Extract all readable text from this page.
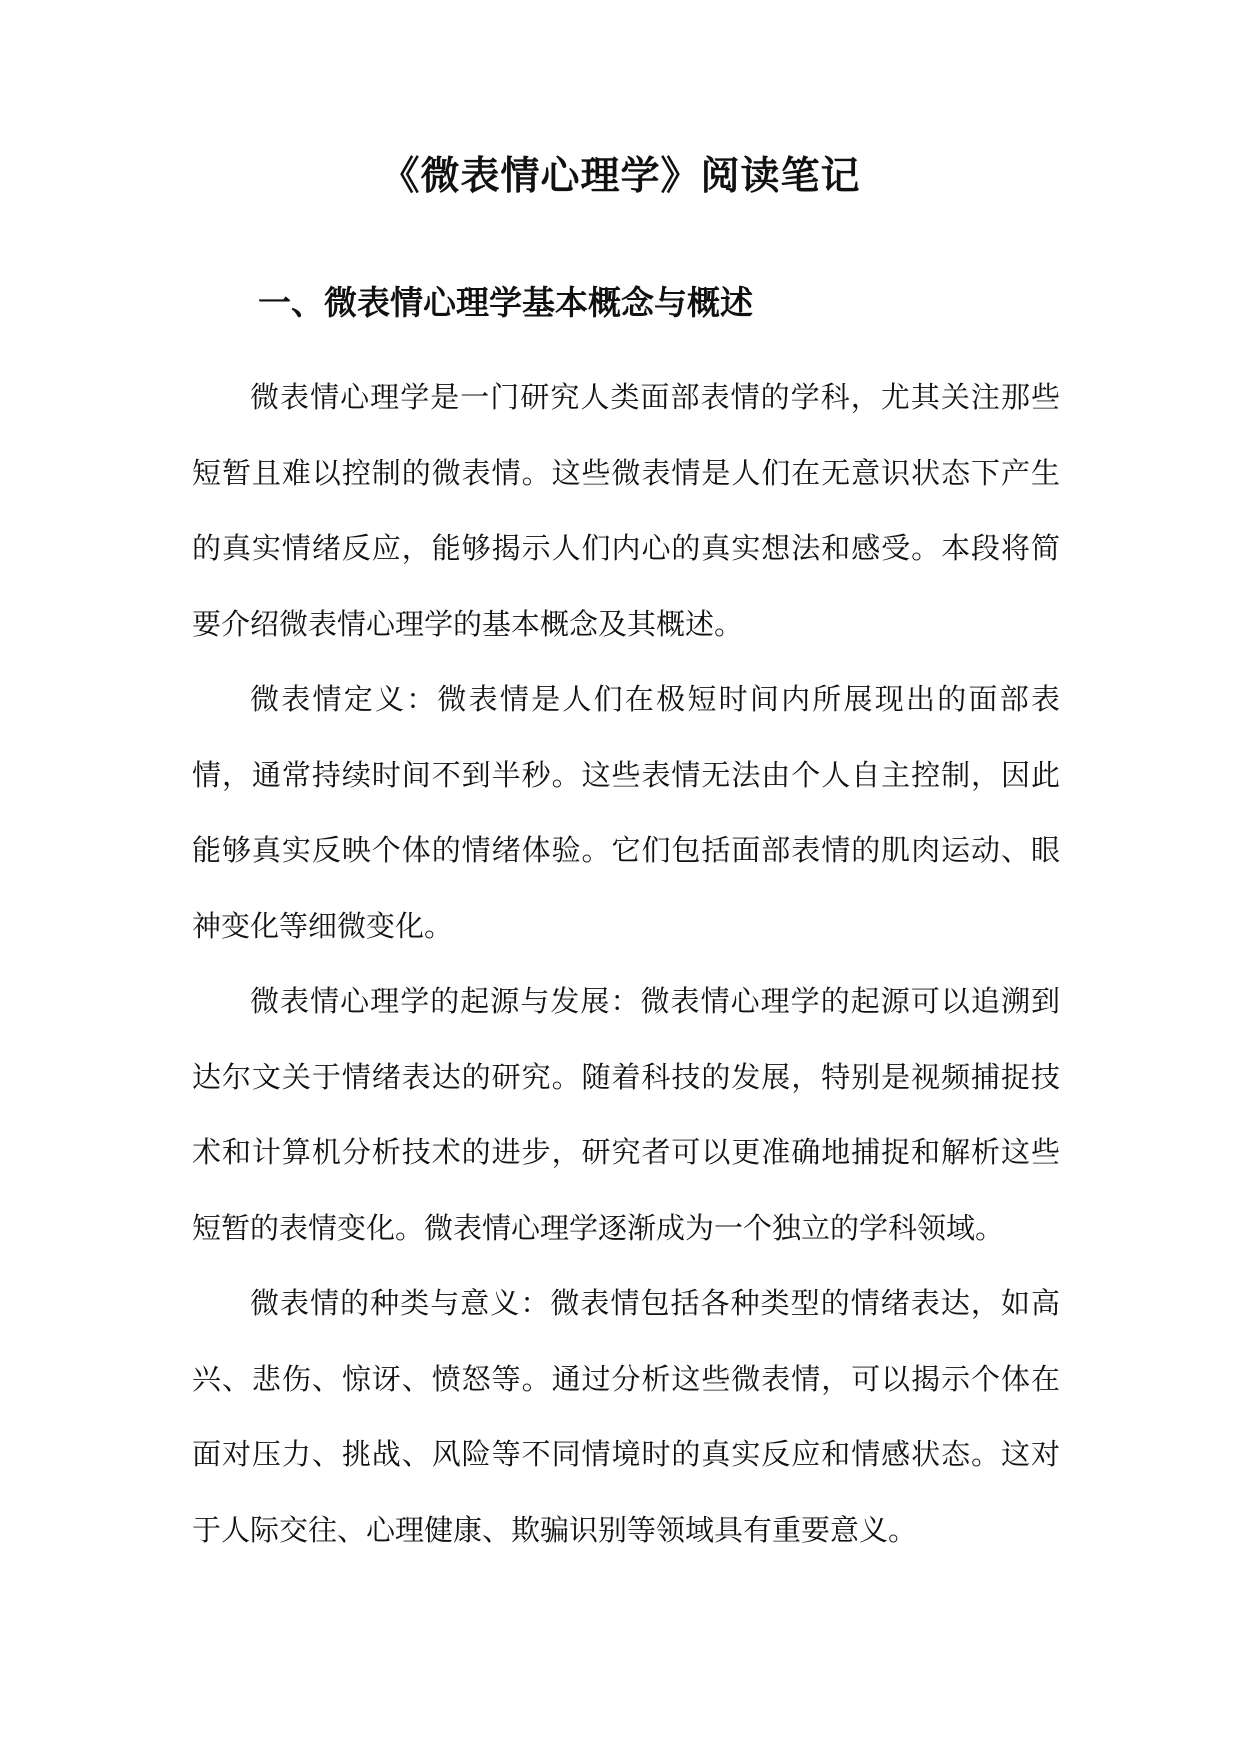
《微表情心理学》阅读笔记
一、微表情心理学基本概念与概述

微表情心理学是一门研究人类面部表情的学科，尤其关注那些短暂且难以控制的微表情。这些微表情是人们在无意识状态下产生的真实情绪反应，能够揭示人们内心的真实想法和感受。本段将简要介绍微表情心理学的基本概念及其概述。

微表情定义：微表情是人们在极短时间内所展现出的面部表情，通常持续时间不到半秒。这些表情无法由个人自主控制，因此能够真实反映个体的情绪体验。它们包括面部表情的肌肉运动、眼神变化等细微变化。

微表情心理学的起源与发展：微表情心理学的起源可以追溯到达尔文关于情绪表达的研究。随着科技的发展，特别是视频捕捉技术和计算机分析技术的进步，研究者可以更准确地捕捉和解析这些短暂的表情变化。微表情心理学逐渐成为一个独立的学科领域。

微表情的种类与意义：微表情包括各种类型的情绪表达，如高兴、悲伤、惊讶、愤怒等。通过分析这些微表情，可以揭示个体在面对压力、挑战、风险等不同情境时的真实反应和情感状态。这对于人际交往、心理健康、欺骗识别等领域具有重要意义。
